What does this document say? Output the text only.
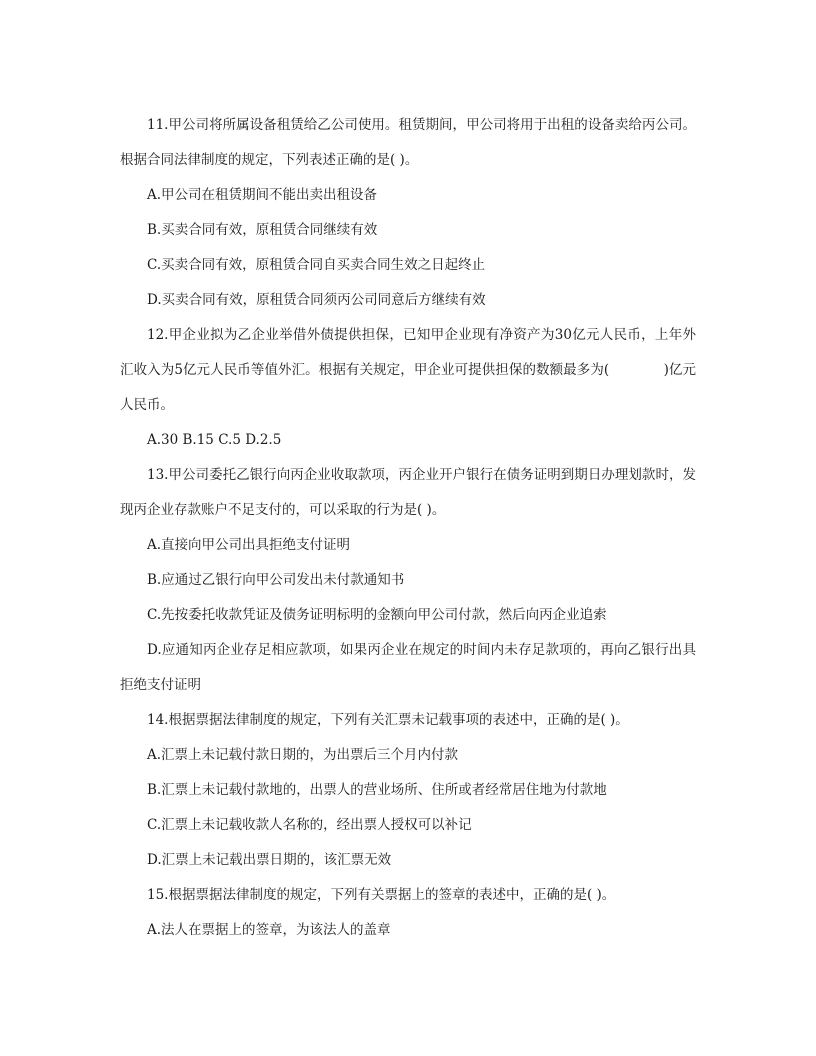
11.甲公司将所属设备租赁给乙公司使用。租赁期间，甲公司将用于出租的设备卖给丙公司。根据合同法律制度的规定，下列表述正确的是( )。

A.甲公司在租赁期间不能出卖出租设备

B.买卖合同有效，原租赁合同继续有效

C.买卖合同有效，原租赁合同自买卖合同生效之日起终止

D.买卖合同有效，原租赁合同须丙公司同意后方继续有效

12.甲企业拟为乙企业举借外债提供担保，已知甲企业现有净资产为30亿元人民币，上年外汇收入为5亿元人民币等值外汇。根据有关规定，甲企业可提供担保的数额最多为(　　　　)亿元人民币。

A.30 B.15 C.5 D.2.5

13.甲公司委托乙银行向丙企业收取款项，丙企业开户银行在债务证明到期日办理划款时，发现丙企业存款账户不足支付的，可以采取的行为是( )。

A.直接向甲公司出具拒绝支付证明

B.应通过乙银行向甲公司发出未付款通知书

C.先按委托收款凭证及债务证明标明的金额向甲公司付款，然后向丙企业追索

D.应通知丙企业存足相应款项，如果丙企业在规定的时间内未存足款项的，再向乙银行出具拒绝支付证明

14.根据票据法律制度的规定，下列有关汇票未记载事项的表述中，正确的是( )。

A.汇票上未记载付款日期的，为出票后三个月内付款

B.汇票上未记载付款地的，出票人的营业场所、住所或者经常居住地为付款地

C.汇票上未记载收款人名称的，经出票人授权可以补记

D.汇票上未记载出票日期的，该汇票无效

15.根据票据法律制度的规定，下列有关票据上的签章的表述中，正确的是( )。

A.法人在票据上的签章，为该法人的盖章
